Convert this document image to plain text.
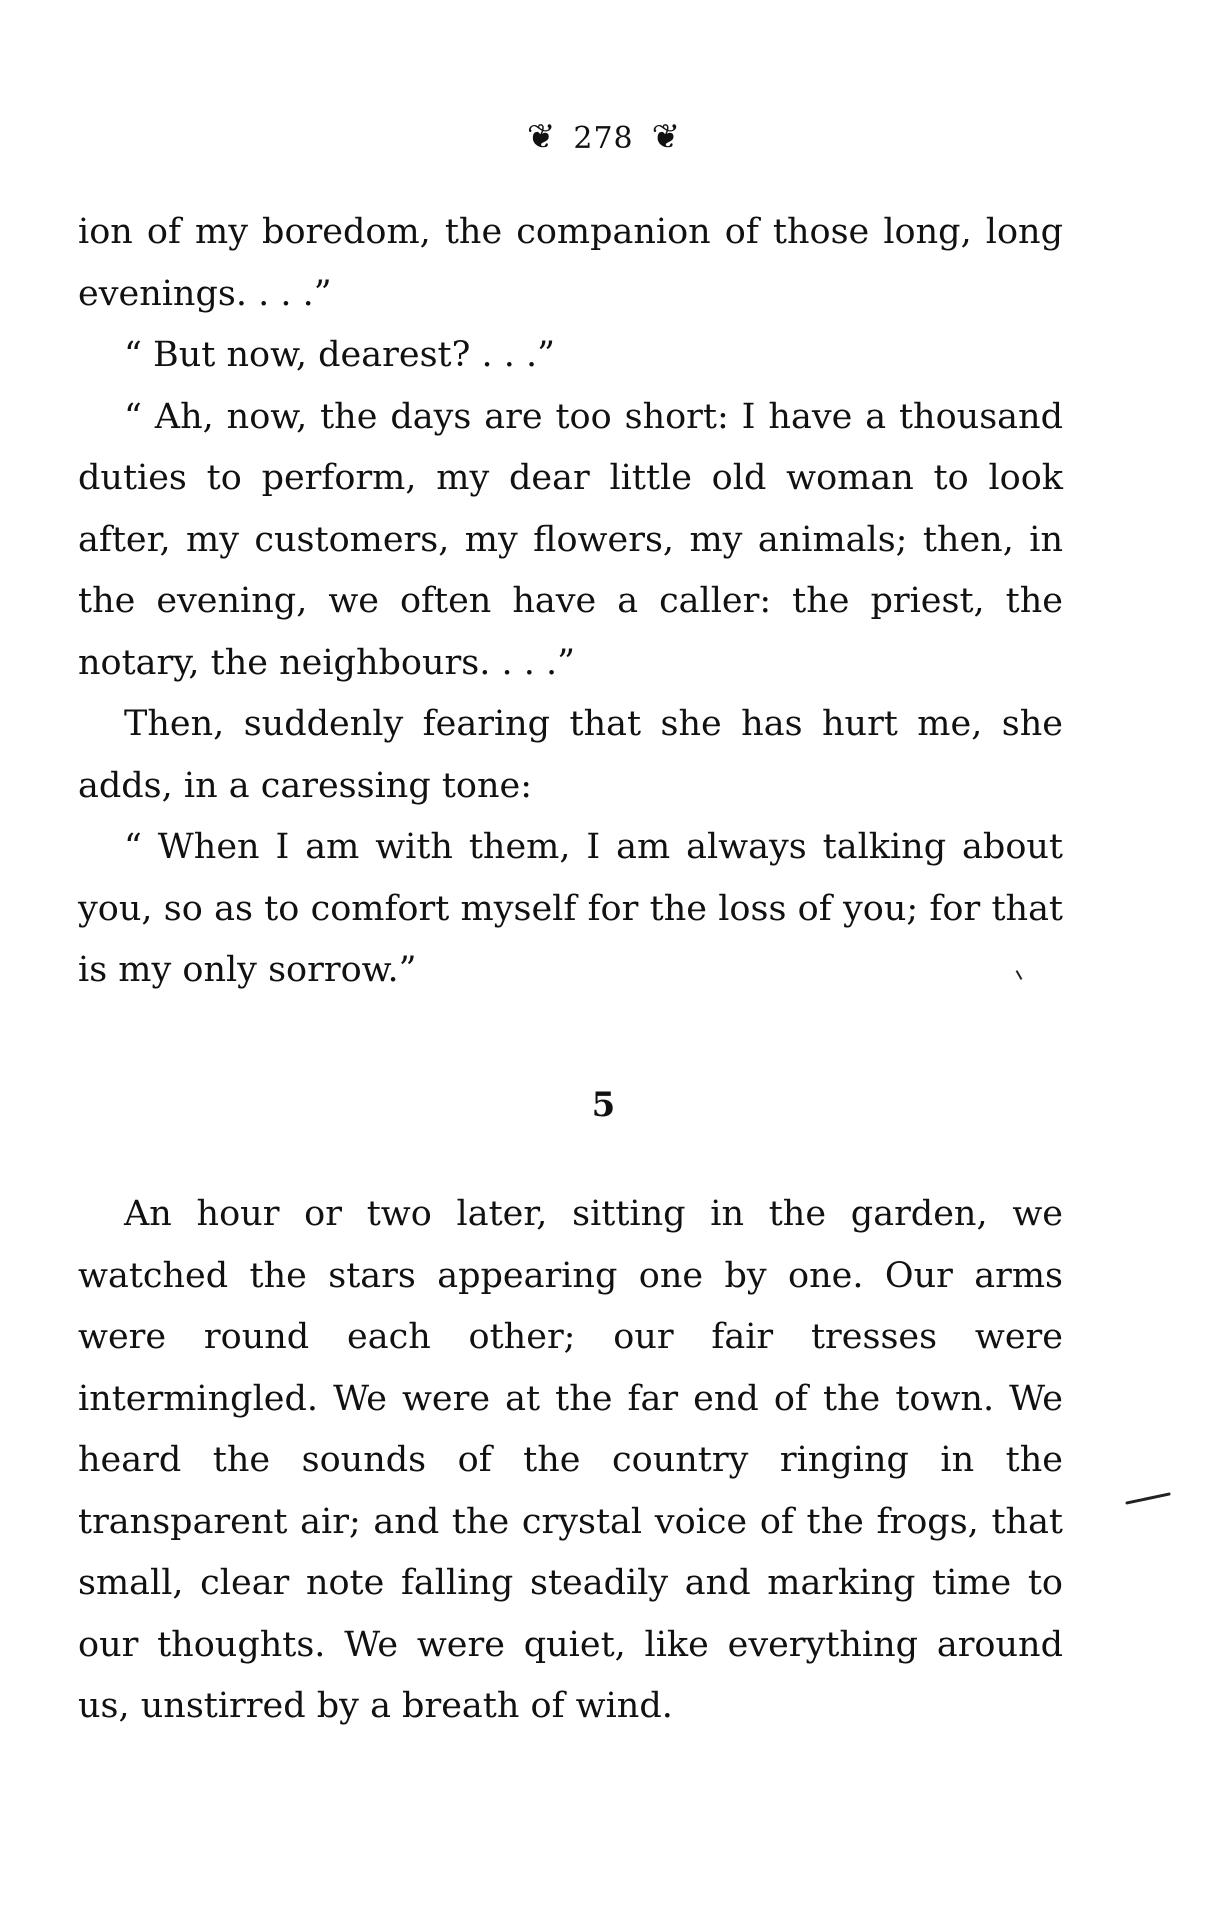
❦ 278 ❦

ion of my boredom, the companion of those long, long evenings. . . .”

“ But now, dearest? . . .”

“ Ah, now, the days are too short: I have a thousand duties to perform, my dear little old woman to look after, my customers, my flowers, my animals; then, in the evening, we often have a caller: the priest, the notary, the neighbours. . . .”

Then, suddenly fearing that she has hurt me, she adds, in a caressing tone:

“ When I am with them, I am always talking about you, so as to comfort myself for the loss of you; for that is my only sorrow.”

5

An hour or two later, sitting in the garden, we watched the stars appearing one by one. Our arms were round each other; our fair tresses were intermingled. We were at the far end of the town. We heard the sounds of the country ringing in the transparent air; and the crystal voice of the frogs, that small, clear note falling steadily and marking time to our thoughts. We were quiet, like everything around us, unstirred by a breath of wind.
